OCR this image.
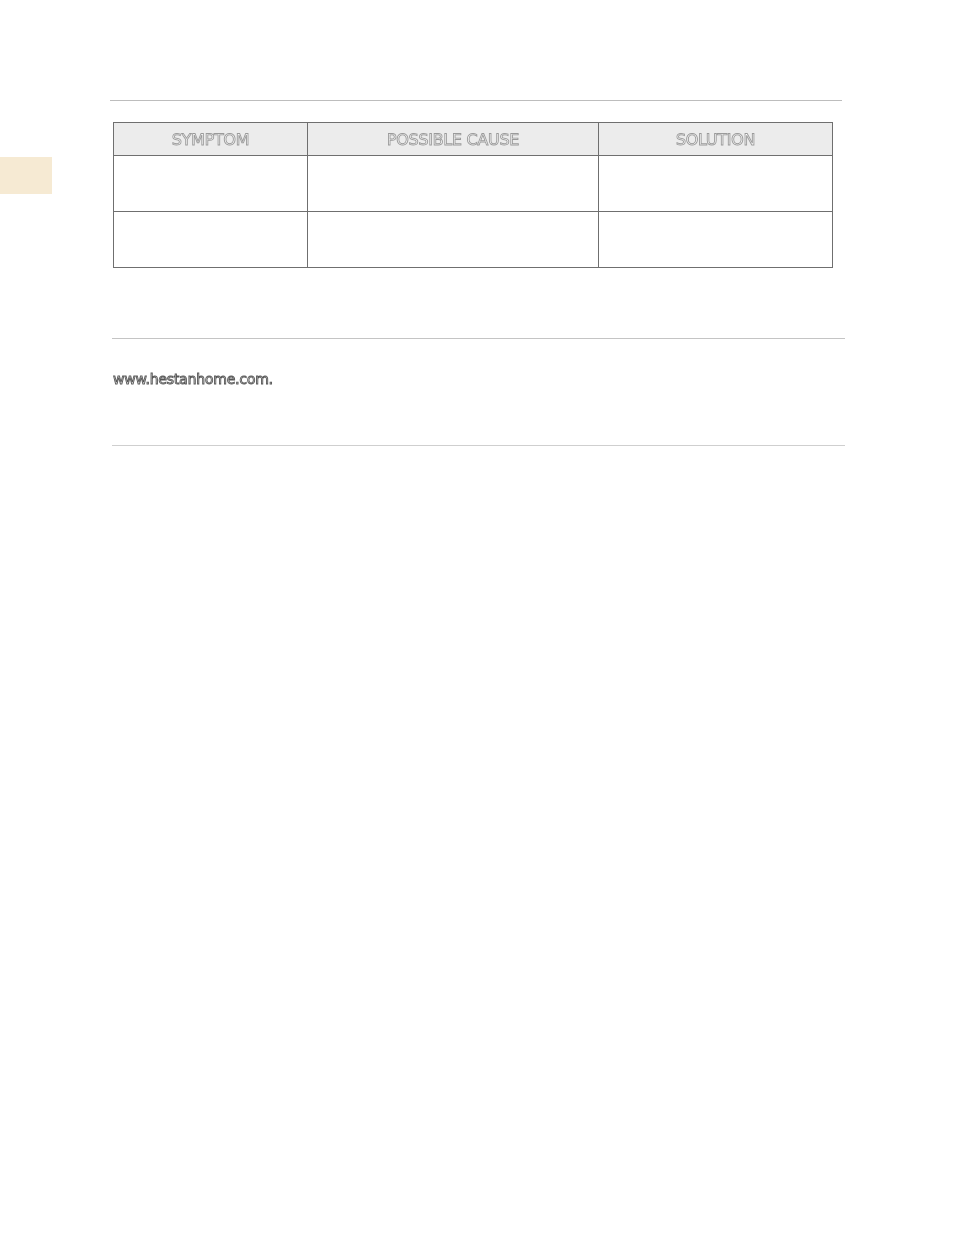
SYMPTOM	POSSIBLE CAUSE	SOLUTION

www.hestanhome.com.
